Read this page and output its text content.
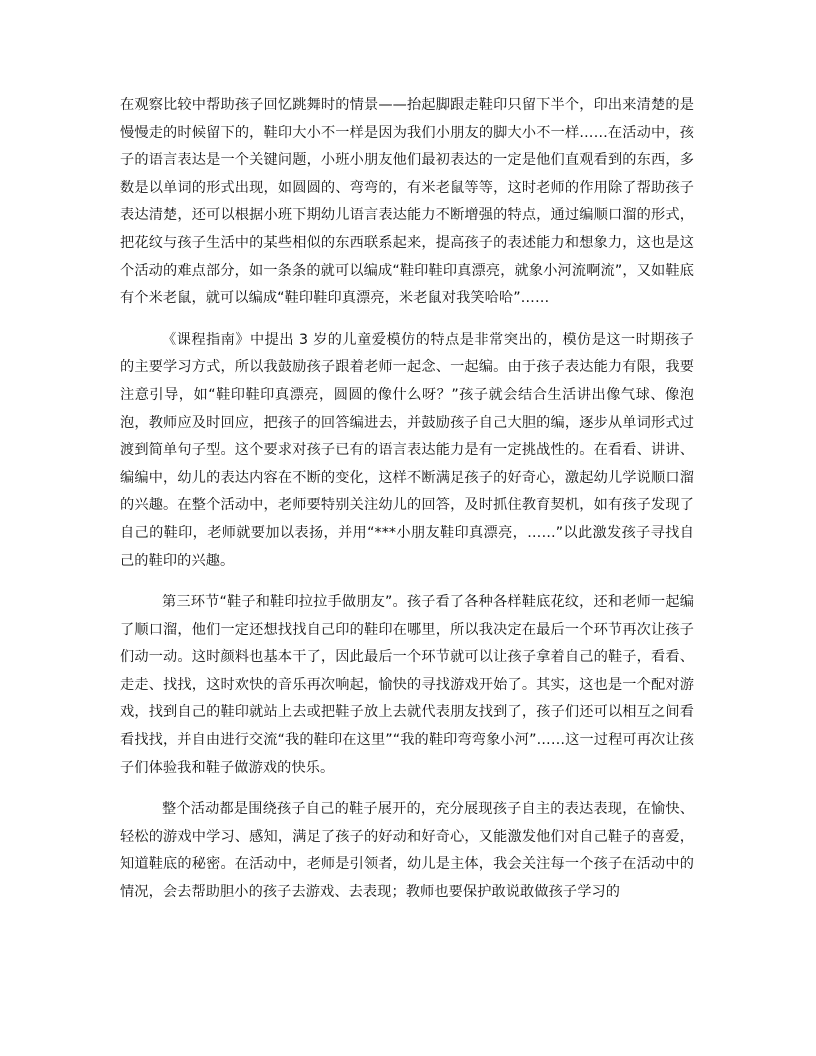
在观察比较中帮助孩子回忆跳舞时的情景——抬起脚跟走鞋印只留下半个，印出来清楚的是慢慢走的时候留下的，鞋印大小不一样是因为我们小朋友的脚大小不一样……在活动中，孩子的语言表达是一个关键问题，小班小朋友他们最初表达的一定是他们直观看到的东西，多数是以单词的形式出现，如圆圆的、弯弯的，有米老鼠等等，这时老师的作用除了帮助孩子表达清楚，还可以根据小班下期幼儿语言表达能力不断增强的特点，通过编顺口溜的形式，把花纹与孩子生活中的某些相似的东西联系起来，提高孩子的表述能力和想象力，这也是这个活动的难点部分，如一条条的就可以编成“鞋印鞋印真漂亮，就象小河流啊流”，又如鞋底有个米老鼠，就可以编成“鞋印鞋印真漂亮，米老鼠对我笑哈哈”……

《课程指南》中提出 3 岁的儿童爱模仿的特点是非常突出的，模仿是这一时期孩子的主要学习方式，所以我鼓励孩子跟着老师一起念、一起编。由于孩子表达能力有限，我要注意引导，如“鞋印鞋印真漂亮，圆圆的像什么呀？”孩子就会结合生活讲出像气球、像泡泡，教师应及时回应，把孩子的回答编进去，并鼓励孩子自己大胆的编，逐步从单词形式过渡到简单句子型。这个要求对孩子已有的语言表达能力是有一定挑战性的。在看看、讲讲、编编中，幼儿的表达内容在不断的变化，这样不断满足孩子的好奇心，激起幼儿学说顺口溜的兴趣。在整个活动中，老师要特别关注幼儿的回答，及时抓住教育契机，如有孩子发现了自己的鞋印，老师就要加以表扬，并用“***小朋友鞋印真漂亮，……”以此激发孩子寻找自己的鞋印的兴趣。

第三环节“鞋子和鞋印拉拉手做朋友”。孩子看了各种各样鞋底花纹，还和老师一起编了顺口溜，他们一定还想找找自己印的鞋印在哪里，所以我决定在最后一个环节再次让孩子们动一动。这时颜料也基本干了，因此最后一个环节就可以让孩子拿着自己的鞋子，看看、走走、找找，这时欢快的音乐再次响起，愉快的寻找游戏开始了。其实，这也是一个配对游戏，找到自己的鞋印就站上去或把鞋子放上去就代表朋友找到了，孩子们还可以相互之间看看找找，并自由进行交流“我的鞋印在这里”“我的鞋印弯弯象小河”……这一过程可再次让孩子们体验我和鞋子做游戏的快乐。

整个活动都是围绕孩子自己的鞋子展开的，充分展现孩子自主的表达表现，在愉快、轻松的游戏中学习、感知，满足了孩子的好动和好奇心，又能激发他们对自己鞋子的喜爱，知道鞋底的秘密。在活动中，老师是引领者，幼儿是主体，我会关注每一个孩子在活动中的情况，会去帮助胆小的孩子去游戏、去表现；教师也要保护敢说敢做孩子学习的
